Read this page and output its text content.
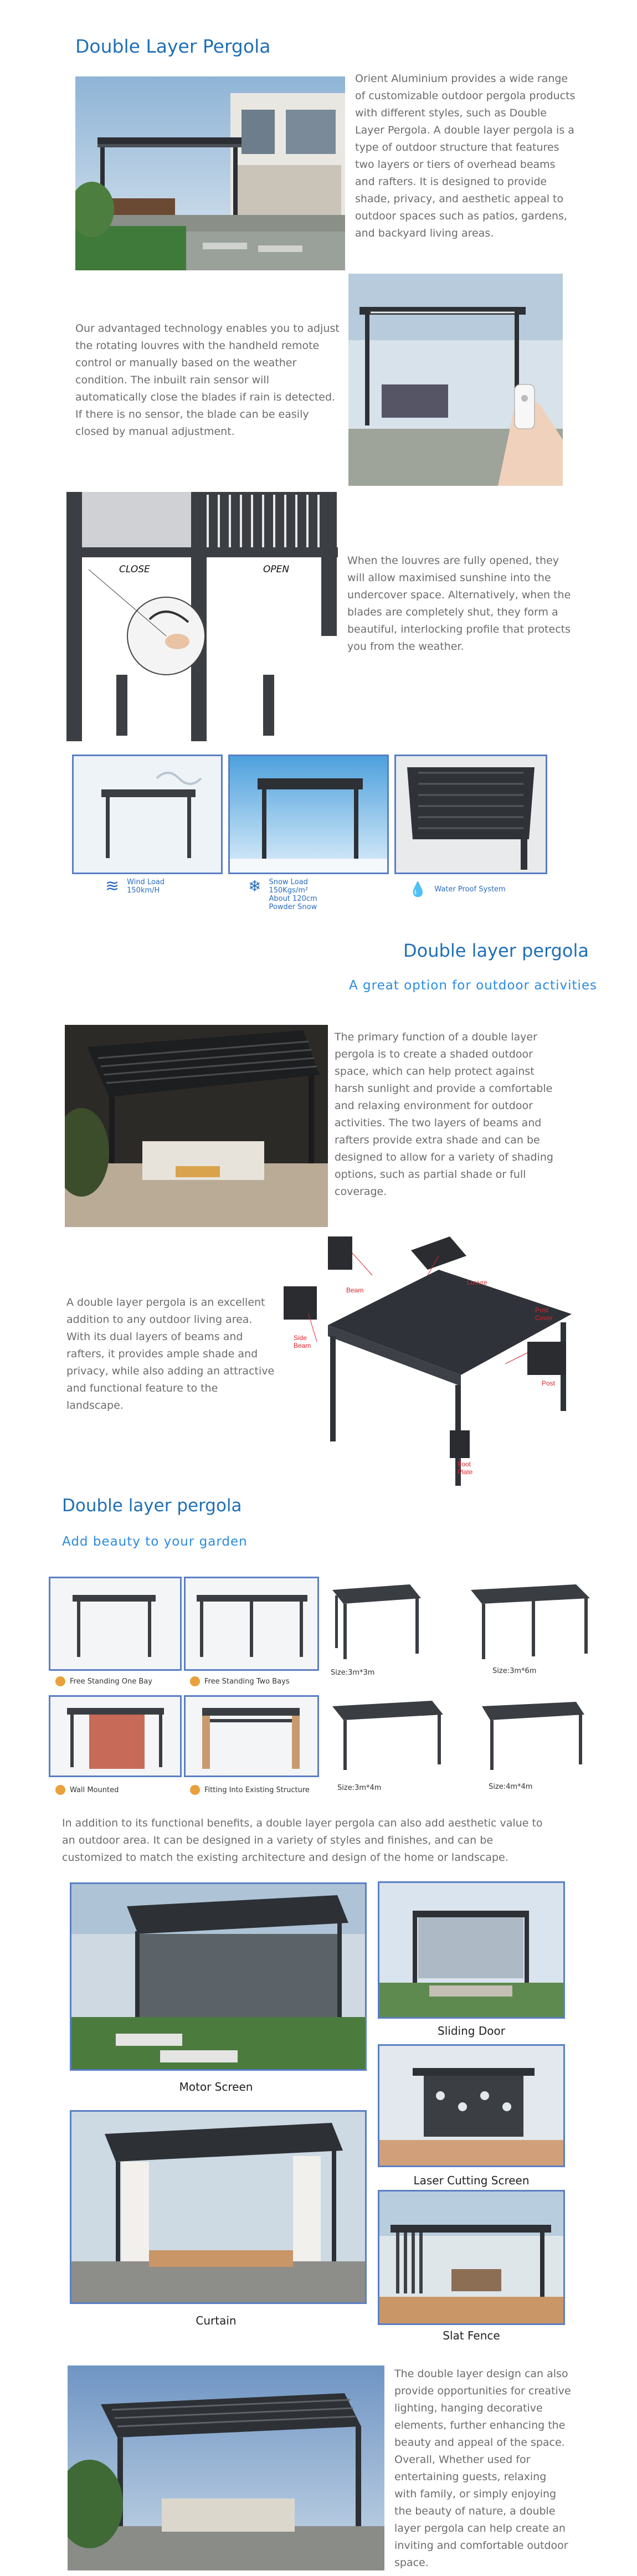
Double Layer Pergola

Orient Aluminium provides a wide range of customizable outdoor pergola products with different styles, such as Double Layer Pergola. A double layer pergola is a type of outdoor structure that features two layers or tiers of overhead beams and rafters. It is designed to provide shade, privacy, and aesthetic appeal to outdoor spaces such as patios, gardens, and backyard living areas.

Our advantaged technology enables you to adjust the rotating louvres with the handheld remote control or manually based on the weather condition. The inbuilt rain sensor will automatically close the blades if rain is detected. If there is no sensor, the blade can be easily closed by manual adjustment.

CLOSE	OPEN

When the louvres are fully opened, they will allow maximised sunshine into the undercover space. Alternatively, when the blades are completely shut, they form a beautiful, interlocking profile that protects you from the weather.

≋ Wind Load
150km/H	❄ Snow Load
150Kgs/m²
About 120cm
Powder Snow
💧 Water Proof System
Double layer pergola

A great option for outdoor activities

The primary function of a double layer pergola is to create a shaded outdoor space, which can help protect against harsh sunlight and provide a comfortable and relaxing environment for outdoor activities. The two layers of beams and rafters provide extra shade and can be designed to allow for a variety of shading options, such as partial shade or full coverage.

A double layer pergola is an excellent addition to any outdoor living area. With its dual layers of beams and rafters, it provides ample shade and privacy, while also adding an attractive and functional feature to the landscape.

Beam
Louvre
Post Cover
Side Beam
Post
Foot Plate
Double layer pergola

Add beauty to your garden

Free Standing One Bay	Free Standing Two Bays
Size:3m*3m	Size:3m*6m
Wall Mounted	Fitting Into Existing Structure	Size:3m*4m	Size:4m*4m

In addition to its functional benefits, a double layer pergola can also add aesthetic value to an outdoor area. It can be designed in a variety of styles and finishes, and can be customized to match the existing architecture and design of the home or landscape.

Motor Screen
Sliding Door
Laser Cutting Screen
Curtain
Slat Fence

The double layer design can also provide opportunities for creative lighting, hanging decorative elements, further enhancing the beauty and appeal of the space.
Overall, Whether used for entertaining guests, relaxing with family, or simply enjoying the beauty of nature, a double layer pergola can help create an inviting and comfortable outdoor space.
